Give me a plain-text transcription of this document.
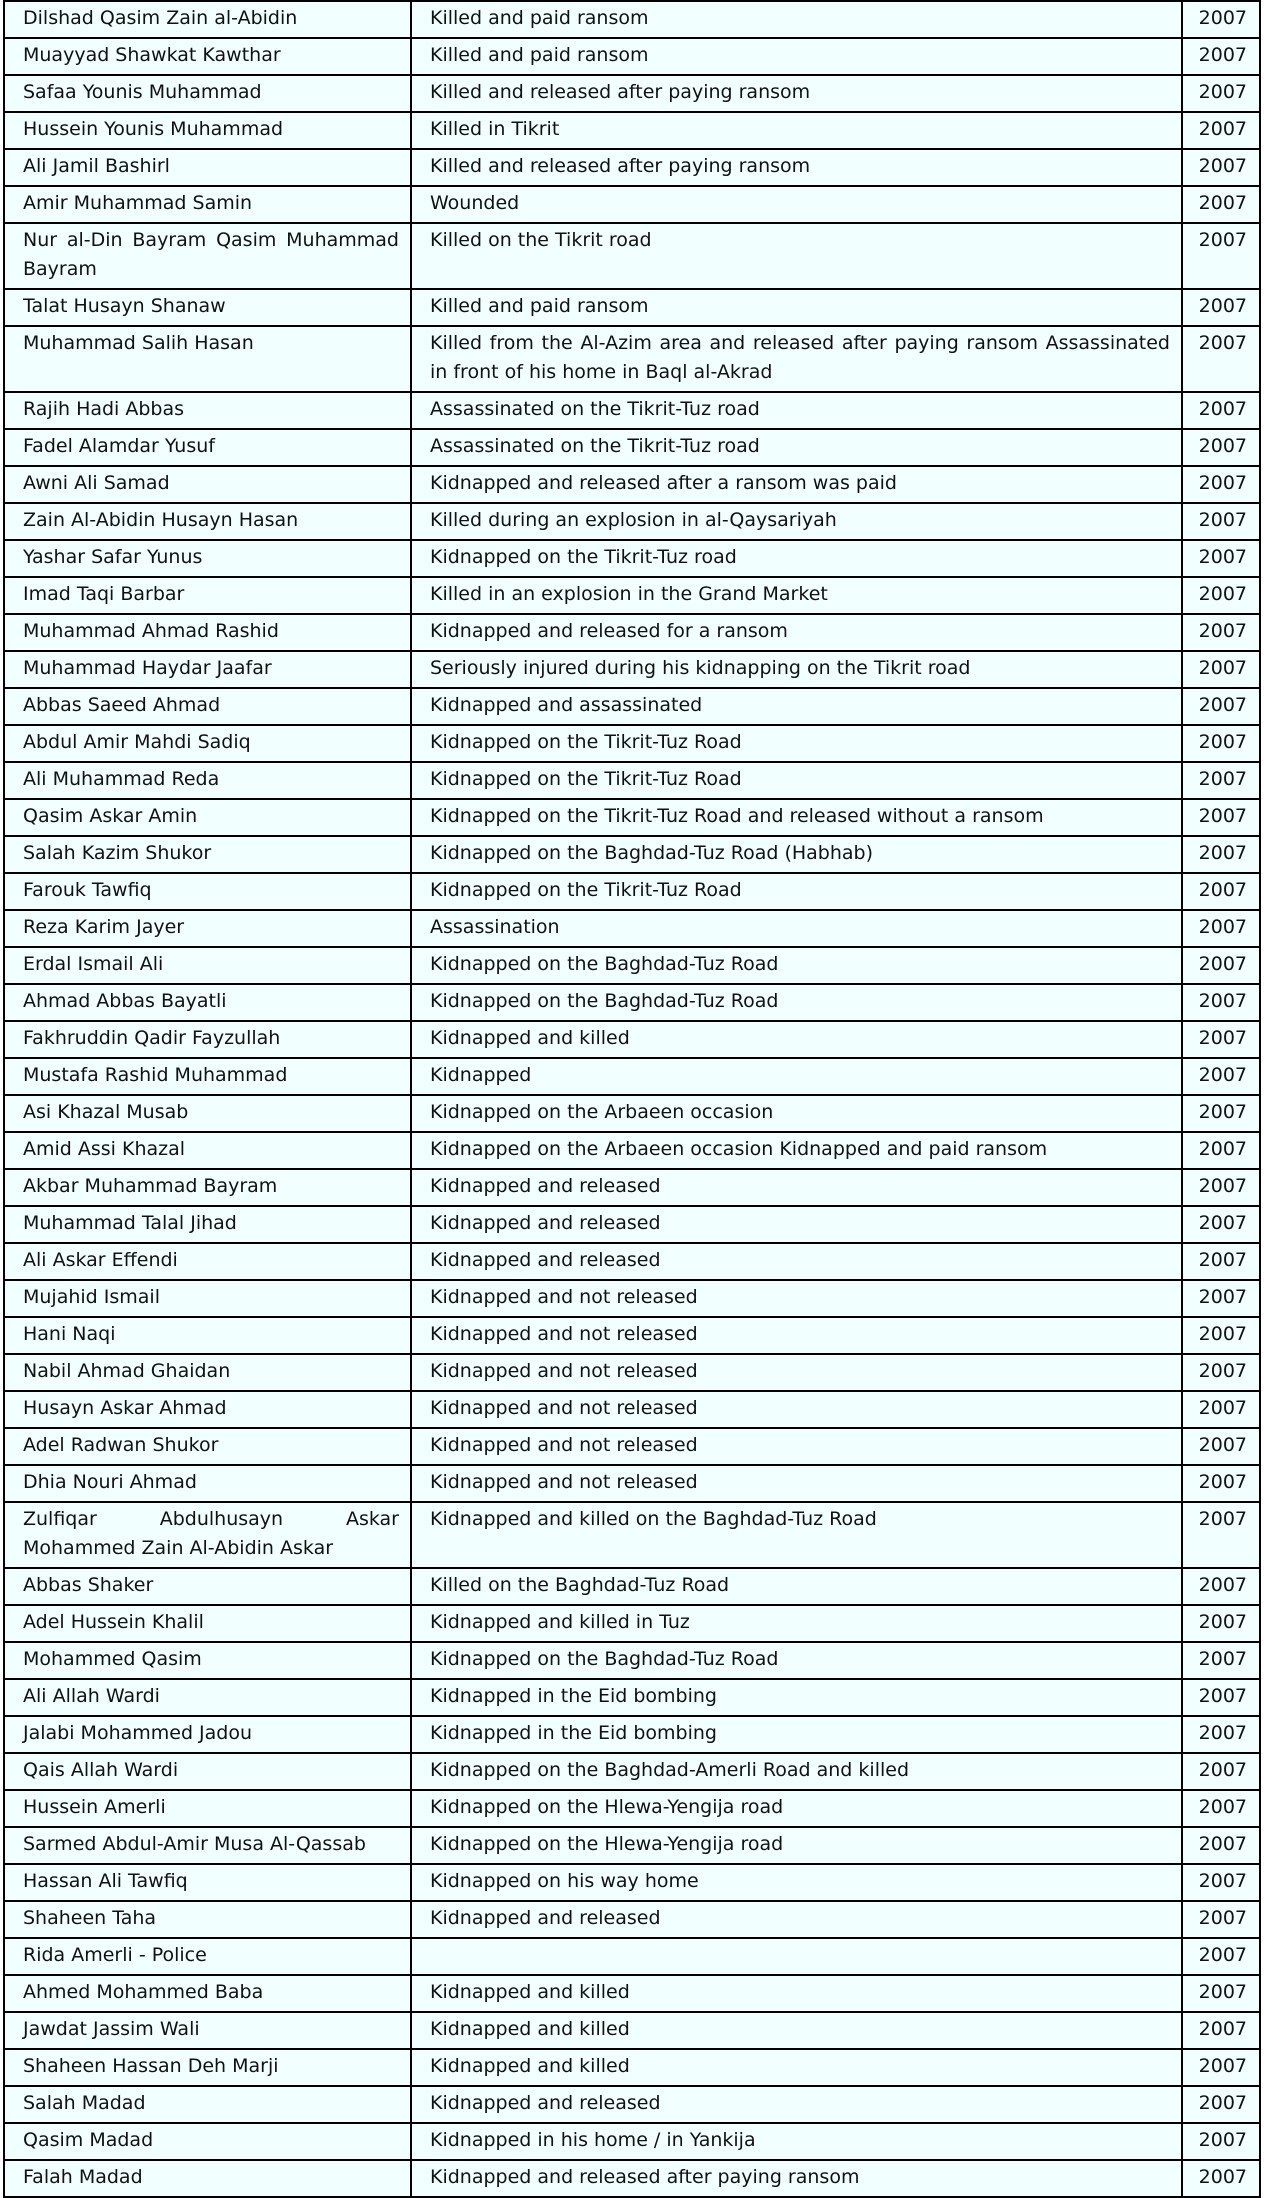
Dilshad Qasim Zain al-Abidin	Killed and paid ransom	2007
Muayyad Shawkat Kawthar	Killed and paid ransom	2007
Safaa Younis Muhammad	Killed and released after paying ransom	2007
Hussein Younis Muhammad	Killed in Tikrit	2007
Ali Jamil Bashirl	Killed and released after paying ransom	2007
Amir Muhammad Samin	Wounded	2007
Nur al-Din Bayram Qasim Muhammad Bayram	Killed on the Tikrit road	2007
Talat Husayn Shanaw	Killed and paid ransom	2007
Muhammad Salih Hasan	Killed from the Al-Azim area and released after paying ransom Assassinated in front of his home in Baql al-Akrad	2007
Rajih Hadi Abbas	Assassinated on the Tikrit-Tuz road	2007
Fadel Alamdar Yusuf	Assassinated on the Tikrit-Tuz road	2007
Awni Ali Samad	Kidnapped and released after a ransom was paid	2007
Zain Al-Abidin Husayn Hasan	Killed during an explosion in al-Qaysariyah	2007
Yashar Safar Yunus	Kidnapped on the Tikrit-Tuz road	2007
Imad Taqi Barbar	Killed in an explosion in the Grand Market	2007
Muhammad Ahmad Rashid	Kidnapped and released for a ransom	2007
Muhammad Haydar Jaafar	Seriously injured during his kidnapping on the Tikrit road	2007
Abbas Saeed Ahmad	Kidnapped and assassinated	2007
Abdul Amir Mahdi Sadiq	Kidnapped on the Tikrit-Tuz Road	2007
Ali Muhammad Reda	Kidnapped on the Tikrit-Tuz Road	2007
Qasim Askar Amin	Kidnapped on the Tikrit-Tuz Road and released without a ransom	2007
Salah Kazim Shukor	Kidnapped on the Baghdad-Tuz Road (Habhab)	2007
Farouk Tawfiq	Kidnapped on the Tikrit-Tuz Road	2007
Reza Karim Jayer	Assassination	2007
Erdal Ismail Ali	Kidnapped on the Baghdad-Tuz Road	2007
Ahmad Abbas Bayatli	Kidnapped on the Baghdad-Tuz Road	2007
Fakhruddin Qadir Fayzullah	Kidnapped and killed	2007
Mustafa Rashid Muhammad	Kidnapped	2007
Asi Khazal Musab	Kidnapped on the Arbaeen occasion	2007
Amid Assi Khazal	Kidnapped on the Arbaeen occasion Kidnapped and paid ransom	2007
Akbar Muhammad Bayram	Kidnapped and released	2007
Muhammad Talal Jihad	Kidnapped and released	2007
Ali Askar Effendi	Kidnapped and released	2007
Mujahid Ismail	Kidnapped and not released	2007
Hani Naqi	Kidnapped and not released	2007
Nabil Ahmad Ghaidan	Kidnapped and not released	2007
Husayn Askar Ahmad	Kidnapped and not released	2007
Adel Radwan Shukor	Kidnapped and not released	2007
Dhia Nouri Ahmad	Kidnapped and not released	2007
Zulfiqar Abdulhusayn Askar Mohammed Zain Al-Abidin Askar	Kidnapped and killed on the Baghdad-Tuz Road	2007
Abbas Shaker	Killed on the Baghdad-Tuz Road	2007
Adel Hussein Khalil	Kidnapped and killed in Tuz	2007
Mohammed Qasim	Kidnapped on the Baghdad-Tuz Road	2007
Ali Allah Wardi	Kidnapped in the Eid bombing	2007
Jalabi Mohammed Jadou	Kidnapped in the Eid bombing	2007
Qais Allah Wardi	Kidnapped on the Baghdad-Amerli Road and killed	2007
Hussein Amerli	Kidnapped on the Hlewa-Yengija road	2007
Sarmed Abdul-Amir Musa Al-Qassab	Kidnapped on the Hlewa-Yengija road	2007
Hassan Ali Tawfiq	Kidnapped on his way home	2007
Shaheen Taha	Kidnapped and released	2007
Rida Amerli - Police		2007
Ahmed Mohammed Baba	Kidnapped and killed	2007
Jawdat Jassim Wali	Kidnapped and killed	2007
Shaheen Hassan Deh Marji	Kidnapped and killed	2007
Salah Madad	Kidnapped and released	2007
Qasim Madad	Kidnapped in his home / in Yankija	2007
Falah Madad	Kidnapped and released after paying ransom	2007
